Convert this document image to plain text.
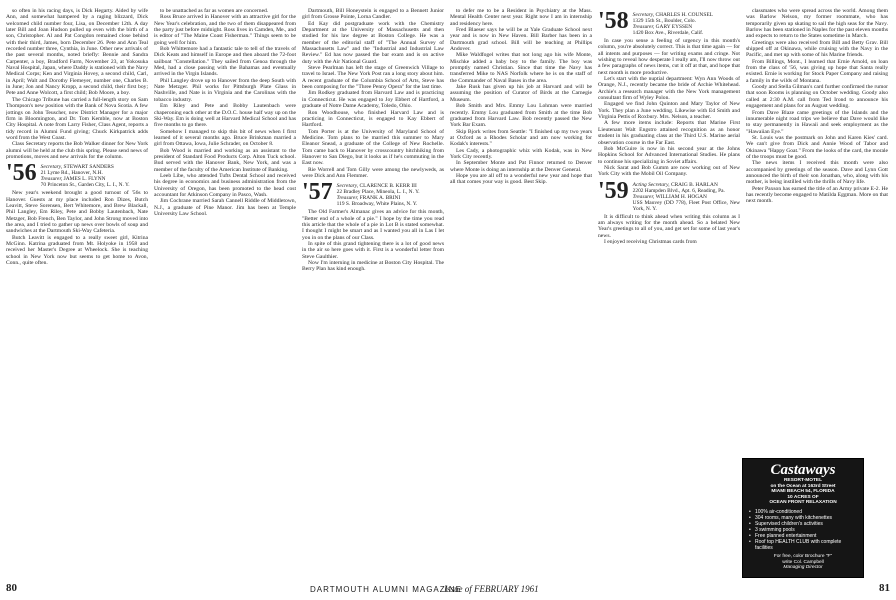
so often in his racing days, is Dick Hegarty. Aided by wife Ann, and somewhat hampered by a raging blizzard, Dick welcomed child number four, Lisa, on December 12th. A day later Bill and Joan Hudson pulled up even with the birth of a son, Christopher. Al and Pat Congdon remained close behind with their third, James, born December 26. Pete and Ann Teal recorded number three, Cynthia, in June. Other new arrivals of the past several months, noted briefly: Bennie and Sandra Carpenter, a boy, Bradford Farm, November 23, at Yokosuka Naval Hospital, Japan, where Daddy is stationed with the Navy Medical Corps; Ken and Virginia Hovey, a second child, Carl, in April; Walt and Dorothy Fiemeyer, number one, Charles B. in June; Jon and Nancy Kropp, a second child, their first boy; Pete and Anne Wolcott, a first child; Bob Moore, a boy.

The Chicago Tribune has carried a full-length story on Sam Thompson's new position with the Bank of Nova Scotia. A few jottings on John Teuscher, now District Manager for a major firm in Bloomington, and Dr. Tom Kemble, now at Boston City Hospital. A note from Larry Fisher, Class Agent, reports a tidy record in Alumni Fund giving; Chuck Kirkpatrick adds word from the West Coast.

Class Secretary reports the Bob Walker dinner for New York alumni will be held at the club this spring. Please send news of promotions, moves and new arrivals for the column.

'56 Secretary, STEWART SANDERS
21 Lyme Rd., Hanover, N.H.
Treasurer, JAMES L. FLYNN
70 Princeton St., Garden City, L. I., N. Y.

New year's weekend brought a good turnout of '56s to Hanover. Guests at my place included Ron Dizes, Butch Leavitt, Steve Sorensen, Bert Whitemore, and Brew Blackall, Phil Langley, Em Riley, Pete and Bobby Lautenbach, Nate Metzger, Bob French, Ben Taylor, and John Strong moved into the area, and I tried to gather up news over bowls of soup and sandwiches at the Dartmouth Ski-Way Cafeteria.

Butch Leavitt is engaged to a really sweet girl, Kitrina McGinn. Katrina graduated from Mt. Holyoke in 1958 and received her Master's Degree at Wheelock. She is teaching school in New York now but seems to get home to Avon, Conn., quite often.

to be unattached as far as women are concerned.

Ross Bruce arrived in Hanover with an attractive girl for the New Year's celebration, and the two of them disappeared from the party just before midnight. Ross lives in Camden, Me., and is editor of "The Maine Coast Fisherman." Things seem to be going well for him.

Bob Whittemore had a fantastic tale to tell of the travels of Dick Keats and himself in Europe and then aboard the 72-foot sailboat "Constellation." They sailed from Genoa through the Med, had a close passing with the Bahamas and eventually arrived in the Virgin Islands.

Phil Langley drove up to Hanover from the deep South with Nate Metzger. Phil works for Pittsburgh Plate Glass in Nashville, and Nate is in Virginia and the Carolinas with the tobacco industry.

Em Riley and Pete and Bobby Lautenbach were chaperoning each other at the D.O.C. house half way up on the Ski-Way. Em is doing well at Harvard Medical School and has five months to go there.

Somehow I managed to skip this bit of news when I first learned of it several months ago. Bruce Brinkman married a girl from Ottawa, Iowa, Julie Schrader, on October 8.

Bob Wood is married and working as an assistant to the president of Standard Food Products Corp. Alton Tuck school. Bud served with the Hanover Bank, New York, and was a member of the faculty of the American Institute of Banking.

Leeb Libe, who attended Tufts Dental School and received his degree in economics and business administration from the University of Oregon, has been promoted to the head cost accountant for Atkinson Company in Pasco, Wash.

Jim Cochrane married Sarah Cannell Riddle of Middletown, N.J., a graduate of Pine Manor. Jim has been at Temple University Law School.

Dartmouth, Bill Honeystein is engaged to a Bennett Junior girl from Grosse Pointe, Lorna Candler.

Ed Kay did postgraduate work with the Chemistry Department at the University of Massachusetts and then studied for his law degree at Boston College. He was a member of the editorial staff of "The Annual Survey of Massachusetts Law" and the "Industrial and Industrial Law Review." Ed has now passed the bar exam and is on active duty with the Air National Guard.

Steve Pearlman has left the stage of Greenwich Village to travel to Israel. The New York Post ran a long story about him. A recent graduate of the Columbia School of Arts, Steve has been composing for the "Three Penny Opera" for the last time.

Jim Rodkey graduated from Harvard Law and is practicing in Connecticut. He was engaged to Joy Ebbert of Hartford, a graduate of Notre Dame Academy, Toledo, Ohio.

Ron Woodhouse, who finished Harvard Law and is practicing in Connecticut, is engaged to Kay Ebbert of Hartford.

Tom Porter is at the University of Maryland School of Medicine. Tom plans to be married this summer to Mary Eleanor Snead, a graduate of the College of New Rochelle. Tom came back to Hanover by crosscountry hitchhiking from Hanover to San Diego, but it looks as if he's commuting in the East now.

Rie Worrell and Tom Gilly were among the newlyweds, as were Dick and Ann Flemmer.

'57 Secretary, CLARENCE B. KERR III
22 Bradley Place, Mineola, L. I., N. Y.
Treasurer, FRANK A. BRINI
119 S. Broadway, White Plains, N. Y.

The Old Farmer's Almanac gives an advice for this month, "Better end of a whole of a pie." I hope by the time you read this article that the whole of a pie in Lot B is stated somewhat. I thought I might be smart and as I wanted you all in Las I let you in on the plans of our Class.

In spite of this grand tightening there is a lot of good news in the air so here goes with it. First is a wonderful letter from Steve Gaulthier.

Now I'm interning in medicine at Boston City Hospital. The Berry Plan has kind enough.

to defer me to be a Resident in Psychiatry at the Mass. Mental Health Center next year. Right now I am in internship and residency here.

Fred Blaeser says he will be at Yale Graduate School next year and is now in New Haven. Bill Barber has been in a Dartmouth grad school. Bill will be teaching at Phillips Andover.

Mike Waldfogel writes that not long ago his wife Monte, Mischke added a baby boy to the family. The boy was promptly named Christian. Since that time the Navy has transferred Mike to NAS Norfolk where he is on the staff of the Commander of Naval Bases in the area.

Jake Rusk has given up his job at Harvard and will be assuming the position of Curator of Birds at the Carnegie Museum.

Bob Smith and Mrs. Emmy Lou Lohman were married recently. Emmy Lou graduated from Smith at the time Bob graduated from Harvard Law. Bob recently passed the New York Bar Exam.

Skip Bjork writes from Seattle: "I finished up my two years at Oxford as a Rhodes Scholar and am now working for Kodak's interests."

Les Cady, a photographic whiz with Kodak, was in New York City recently.

In September Monte and Pat Finnor returned to Denver where Monte is doing an internship at the Denver General.

Hope you are all off to a wonderful new year and hope that all that comes your way is good. Best Skip.

'58 Secretary, CHARLES H. COUNSEL
1329 15th St., Boulder, Colo.
Treasurer, GARY EYSSEN
1420 Box Ave., Riverdale, Calif.

In case you sense a feeling of urgency in this month's column, you're absolutely correct. This is that time again — for all intents and purposes — for writing exams and cringe. Not wishing to reveal how desperate I really am, I'll now throw out a few paragraphs of news items, cut it off at that, and hope that next month is more productive.

Let's start with the nuptial department: Wyn Ann Woods of Orange, N.J., recently became the bride of Archie Whitehead. Archie's a research manager with the New York management consultant firm of Wyley Polon.

Engaged we find John Quinton and Mary Taylor of New York. They plan a June wedding. Likewise with Ed Smith and Virginia Pettis of Roxbury. Mrs. Nelson, a teacher.

A few more items include: Reports that Marine First Lieutenant Walt Engstro attained recognition as an honor student in his graduating class at the Third U.S. Marine aerial observation course in the Far East.

Bob McGuire is now in his second year at the Johns Hopkins School for Advanced International Studies. He plans to continue his specializing in Soviet affairs.

Nick Sarat and Bob Gumm are now working out of New York City with the Mobil Oil Company.

'59 Acting Secretary, CRAIG B. HARLAN
2202 Hampden Blvd., Apt. 6, Reading, Pa.
Treasurer, WILLIAM H. HOGAN
USS Mauvey (DD 778), Fleet Post Office, New York, N. Y.

It is difficult to think ahead when writing this column as I am always writing for the month ahead. So a belated New Year's greetings to all of you, and get set for some of last year's news.

I enjoyed receiving Christmas cards from

classmates who were spread across the world. Among them was Barlow Nelson, my former roommate, who has temporarily given up skating to sail the high seas for the Navy. Barlow has been stationed in Naples for the past eleven months and expects to return to the States sometime in March.

Greetings were also received from Bill and Betty Grav. Bill shipped off at Okinawa, while cruising with the Navy in the Pacific, and met up with some of his Marine friends.

From Billings, Mont., I learned that Ernie Arnold, on loan from the class of '56, was giving up hope that Santa really existed. Ernie is working for Stock Paper Company and raising a family in the wilds of Montana.

Goody and Stella Gilman's card further confirmed the rumor that soon Rooms is planning on October wedding. Goody also called at 2:30 A.M. call from Ted Irond to announce his engagement and plans for an August wedding.

From Dave Blaze came greetings of the Islands and the innumerable night road trips we believe that Dave would like to stay permanently in Hawaii and seek employment as the "Hawaiian Eye."

St. Louis was the postmark on John and Karen Kies' card. We can't give from Dick and Annie Wood of Tabor and Okinawa "Happy Goat." From the looks of the card, the morale of the troops must be good.

The news items I received this month were also accompanied by greetings of the season. Dave and Lynn Gott announced the birth of their son Jonathan, who, along with his mother, is being instilled with the thrills of Navy life.

Peter Paxson has earned the title of an Army private E-2. He has recently become engaged to Matilda Eggman. More on that next month.

Castaways
RESORT-MOTEL
on the Ocean at 163rd Street
MIAMI BEACH 54, FLORIDA
10 ACRES OF
OCEAN FRONT RELAXATION
• 100% air-conditioned
• 304 rooms, many with kitchenettes
• Supervised children's activities
• 3 swimming pools
• Free planned entertainment
• Roof top HEALTH CLUB with complete facilities
For free, color Brochure "F"
write Col. Campbell
Managing Director
80	DARTMOUTH ALUMNI MAGAZINE
Issue of FEBRUARY 1961	81
